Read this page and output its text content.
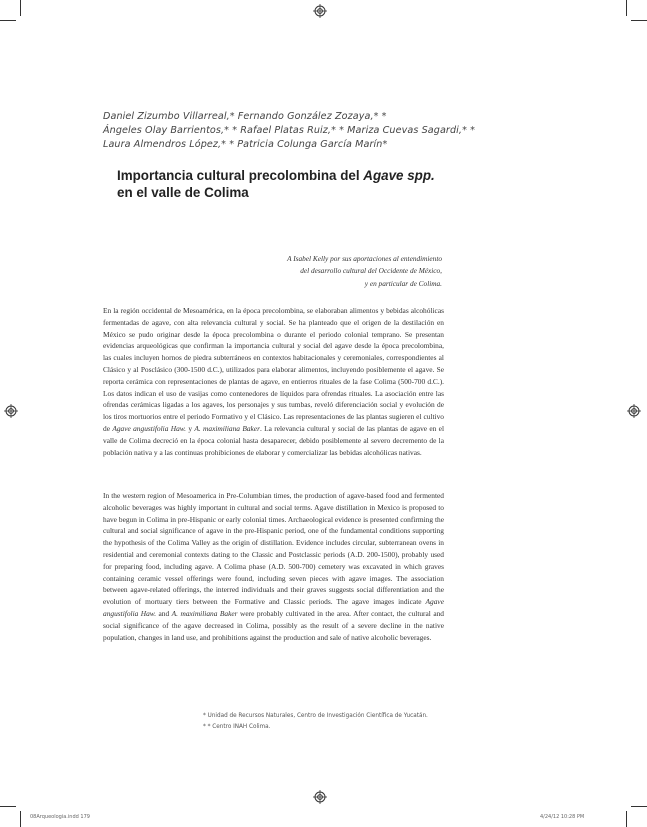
Daniel Zizumbo Villarreal,* Fernando González Zozaya,* *
Ángeles Olay Barrientos,* * Rafael Platas Ruiz,* * Mariza Cuevas Sagardi,* *
Laura Almendros López,* * Patricia Colunga García Marín*
Importancia cultural precolombina del Agave spp.
en el valle de Colima
A Isabel Kelly por sus aportaciones al entendimiento
del desarrollo cultural del Occidente de México,
y en particular de Colima.

En la región occidental de Mesoamérica, en la época precolombina, se elaboraban alimentos y bebidas alcohólicas fermentadas de agave, con alta relevancia cultural y social. Se ha planteado que el origen de la destilación en México se pudo originar desde la época precolombina o durante el periodo colonial temprano. Se presentan evidencias arqueológicas que confirman la importancia cultural y social del agave desde la época precolombina, las cuales incluyen hornos de piedra subterráneos en contextos habitacionales y ceremoniales, correspondientes al Clásico y al Posclásico (300-1500 d.C.), utilizados para elaborar alimentos, incluyendo posiblemente el agave. Se reporta cerámica con representaciones de plantas de agave, en entierros rituales de la fase Colima (500-700 d.C.). Los datos indican el uso de vasijas como contenedores de líquidos para ofrendas rituales. La asociación entre las ofrendas cerámicas ligadas a los agaves, los personajes y sus tumbas, reveló diferenciación social y evolución de los tiros mortuorios entre el periodo Formativo y el Clásico. Las representaciones de las plantas sugieren el cultivo de Agave angustifolia Haw. y A. maximiliana Baker. La relevancia cultural y social de las plantas de agave en el valle de Colima decreció en la época colonial hasta desaparecer, debido posiblemente al severo decremento de la población nativa y a las continuas prohibiciones de elaborar y comercializar las bebidas alcohólicas nativas.

In the western region of Mesoamerica in Pre-Columbian times, the production of agave-based food and fermented alcoholic beverages was highly important in cultural and social terms. Agave distillation in Mexico is proposed to have begun in Colima in pre-Hispanic or early colonial times. Archaeological evidence is presented confirming the cultural and social significance of agave in the pre-Hispanic period, one of the fundamental conditions supporting the hypothesis of the Colima Valley as the origin of distillation. Evidence includes circular, subterranean ovens in residential and ceremonial contexts dating to the Classic and Postclassic periods (A.D. 200-1500), probably used for preparing food, including agave. A Colima phase (A.D. 500-700) cemetery was excavated in which graves containing ceramic vessel offerings were found, including seven pieces with agave images. The association between agave-related offerings, the interred individuals and their graves suggests social differentiation and the evolution of mortuary tiers between the Formative and Classic periods. The agave images indicate Agave angustifolia Haw. and A. maximiliana Baker were probably cultivated in the area. After contact, the cultural and social significance of the agave decreased in Colima, possibly as the result of a severe decline in the native population, changes in land use, and prohibitions against the production and sale of native alcoholic beverages.

* Unidad de Recursos Naturales, Centro de Investigación Científica de Yucatán.
* * Centro INAH Colima.
08Arqueologia.indd 179	4/24/12 10:28 PM
